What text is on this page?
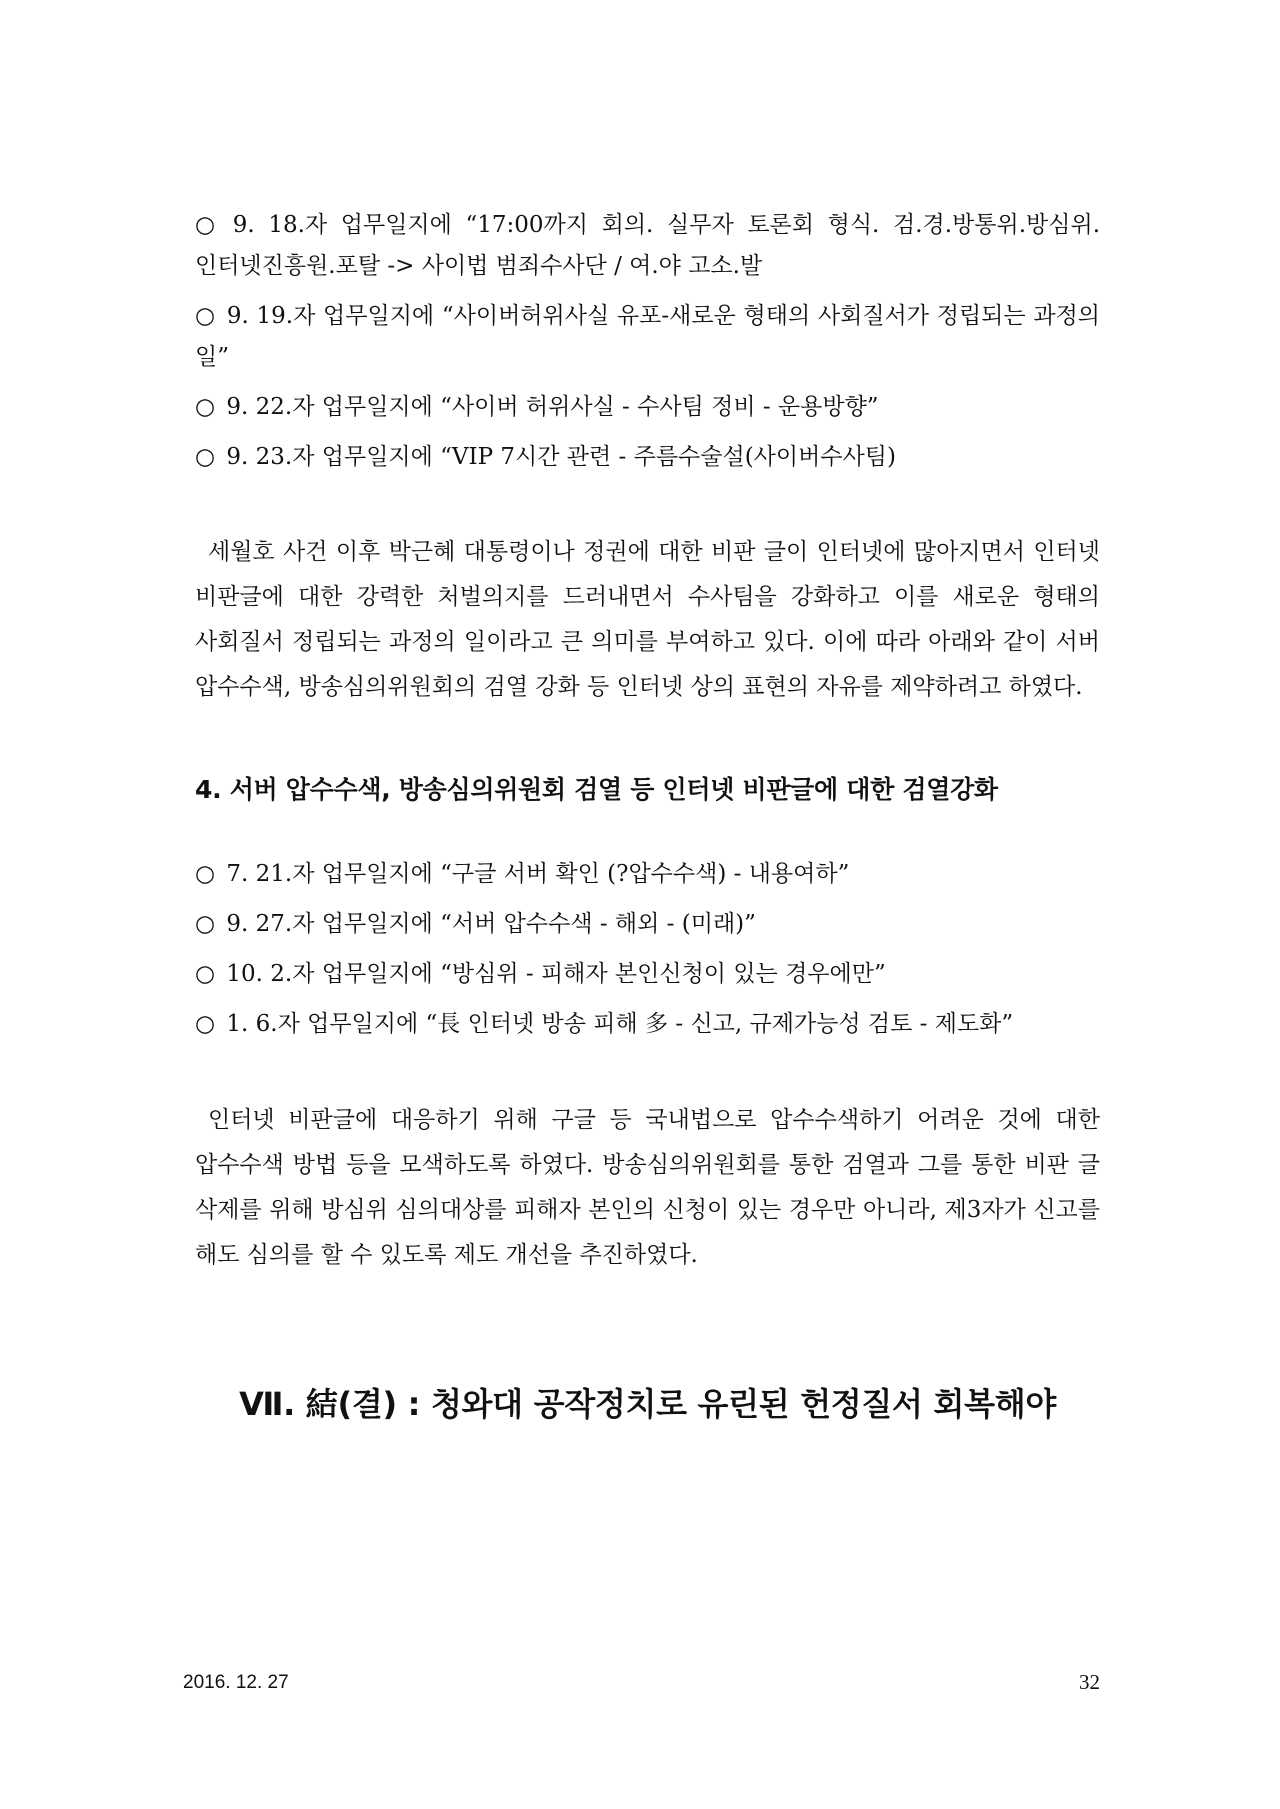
○ 9. 18.자 업무일지에 “17:00까지 회의. 실무자 토론회 형식. 검.경.방통위.방심위.인터넷진흥원.포탈 -> 사이법 범죄수사단 / 여.야 고소.발

○ 9. 19.자 업무일지에 “사이버허위사실 유포-새로운 형태의 사회질서가 정립되는 과정의 일”

○ 9. 22.자 업무일지에 “사이버 허위사실 - 수사팀 정비 - 운용방향”

○ 9. 23.자 업무일지에 “VIP 7시간 관련 - 주름수술설(사이버수사팀)

세월호 사건 이후 박근혜 대통령이나 정권에 대한 비판 글이 인터넷에 많아지면서 인터넷 비판글에 대한 강력한 처벌의지를 드러내면서 수사팀을 강화하고 이를 새로운 형태의 사회질서 정립되는 과정의 일이라고 큰 의미를 부여하고 있다. 이에 따라 아래와 같이 서버 압수수색, 방송심의위원회의 검열 강화 등 인터넷 상의 표현의 자유를 제약하려고 하였다.

4. 서버 압수수색, 방송심의위원회 검열 등 인터넷 비판글에 대한 검열강화

○ 7. 21.자 업무일지에 “구글 서버 확인 (?압수수색) - 내용여하”

○ 9. 27.자 업무일지에 “서버 압수수색 - 해외 - (미래)”

○ 10. 2.자 업무일지에 “방심위 - 피해자 본인신청이 있는 경우에만”

○ 1. 6.자 업무일지에 “長 인터넷 방송 피해 多 - 신고, 규제가능성 검토 - 제도화”

인터넷 비판글에 대응하기 위해 구글 등 국내법으로 압수수색하기 어려운 것에 대한 압수수색 방법 등을 모색하도록 하였다. 방송심의위원회를 통한 검열과 그를 통한 비판 글 삭제를 위해 방심위 심의대상를 피해자 본인의 신청이 있는 경우만 아니라, 제3자가 신고를 해도 심의를 할 수 있도록 제도 개선을 추진하였다.

Ⅶ. 結(결) : 청와대 공작정치로 유린된 헌정질서 회복해야
2016. 12. 27	32
